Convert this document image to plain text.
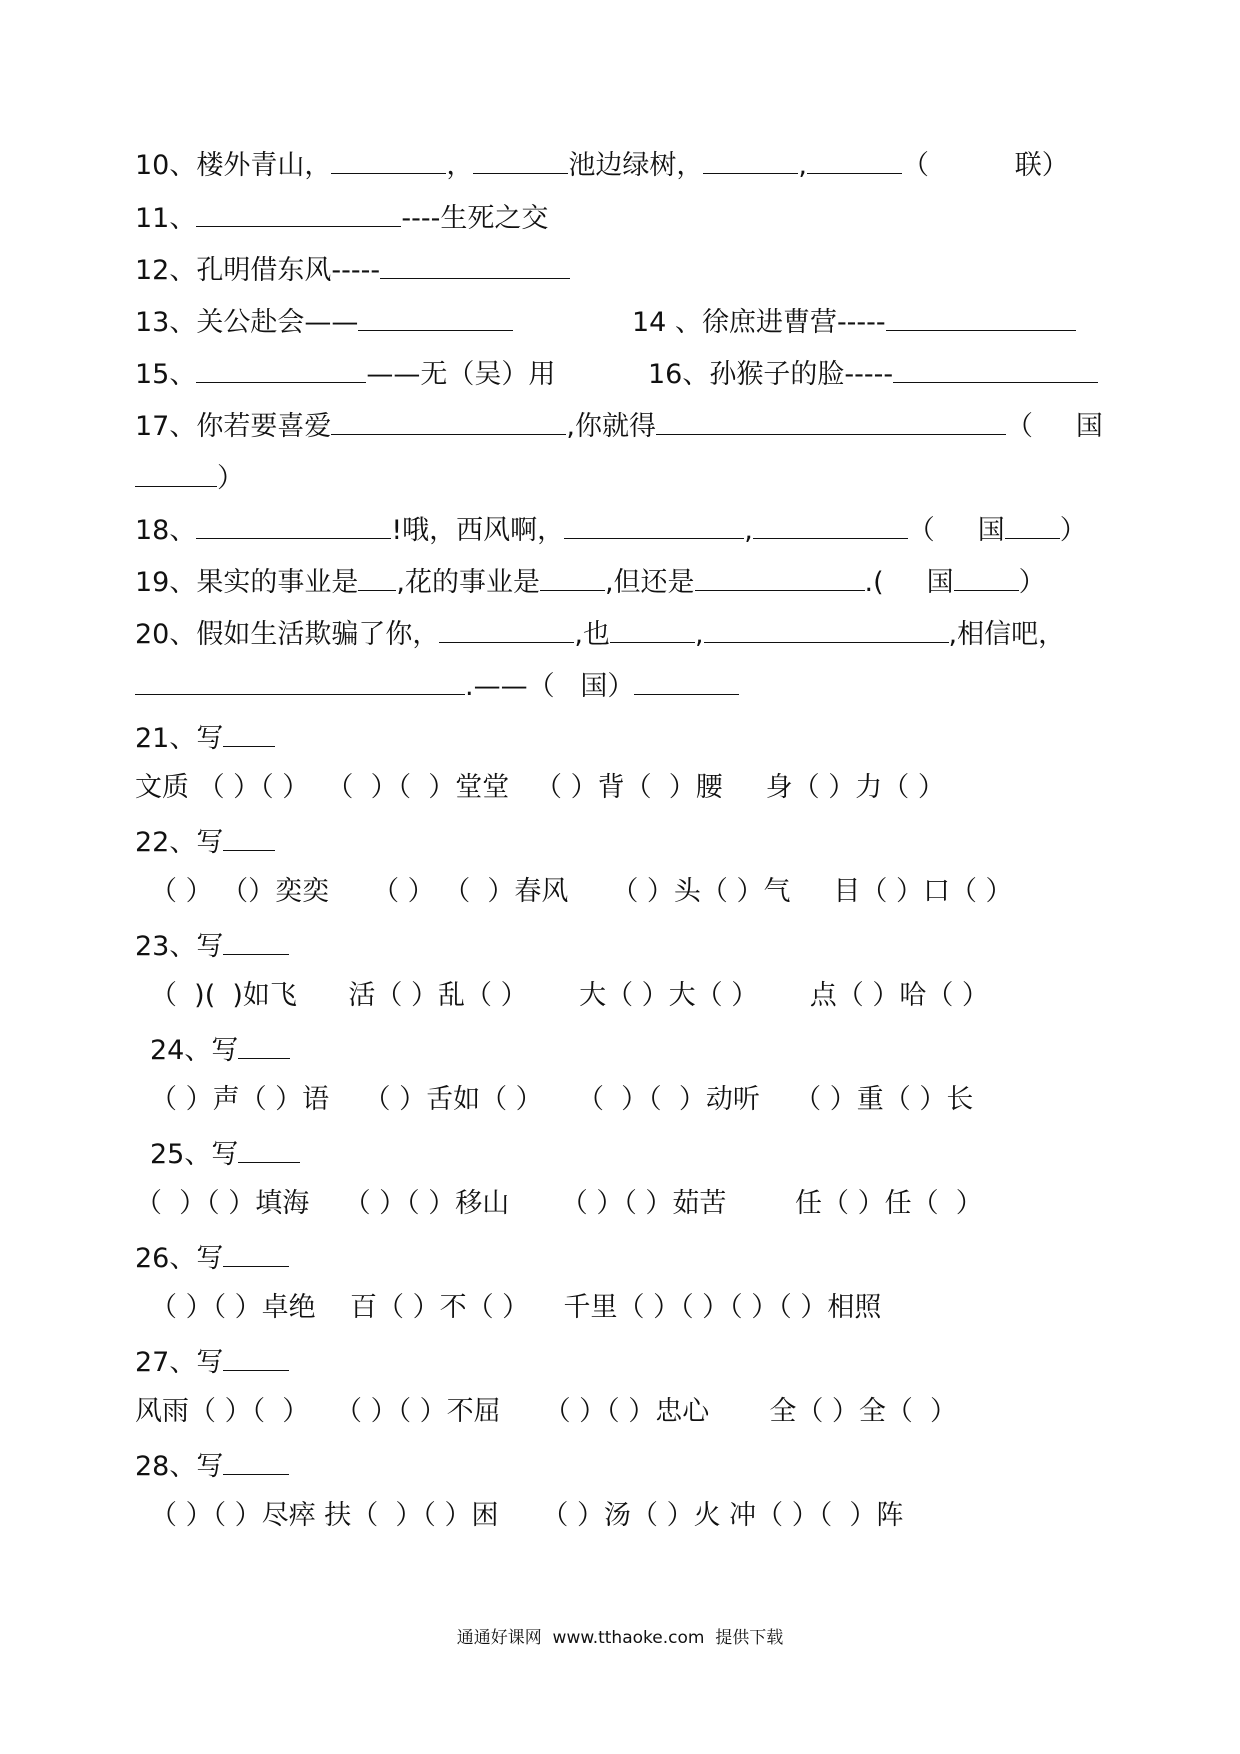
10、楼外青山，	，	池边绿树，	,	（          联）
11、	----生死之交
12、孔明借东风-----
13、关公赴会——	14 、徐庶进曹营-----
15、	——无（吴）用	16、孙猴子的脸-----
17、你若要喜爱	,你就得	（     国
）
18、	!哦，西风啊，	,	（     国 ）
19、果实的事业是 ,花的事业是 ,但还是	.(     国 ）
20、假如生活欺骗了你，	,也	,	,相信吧，
.——（   国）
21、写
文质 （ ）（ ）  （  ）（  ）堂堂   （ ）背（  ）腰     身（ ）力（ ）
22、写
（ ） （）奕奕     （ ） （  ）春风     （ ）头（ ）气     目（ ）口（ ）
23、写
（  )(  )如飞      活（ ）乱（ ）      大（ ）大（ ）      点（ ）哈（ ）
24、写
（ ）声（ ）语    （ ）舌如（ ）    （  ）（  ）动听    （ ）重（ ）长
25、写
（  ）（ ）填海    （ ）（ ）移山      （ ）（ ）茹苦        任（ ）任（  ）
26、写
（ ）（ ）卓绝    百（ ）不（ ）    千里（ ）（ ）（ ）（ ）相照
27、写
风雨（ ）（  ）   （ ）（ ）不屈     （ ）（ ）忠心       全（ ）全（  ）
28、写
（ ）（ ）尽瘁 扶（  ）（ ）困     （ ）汤（ ）火 冲（ ）（  ）阵
通通好课网  www.tthaoke.com  提供下载
